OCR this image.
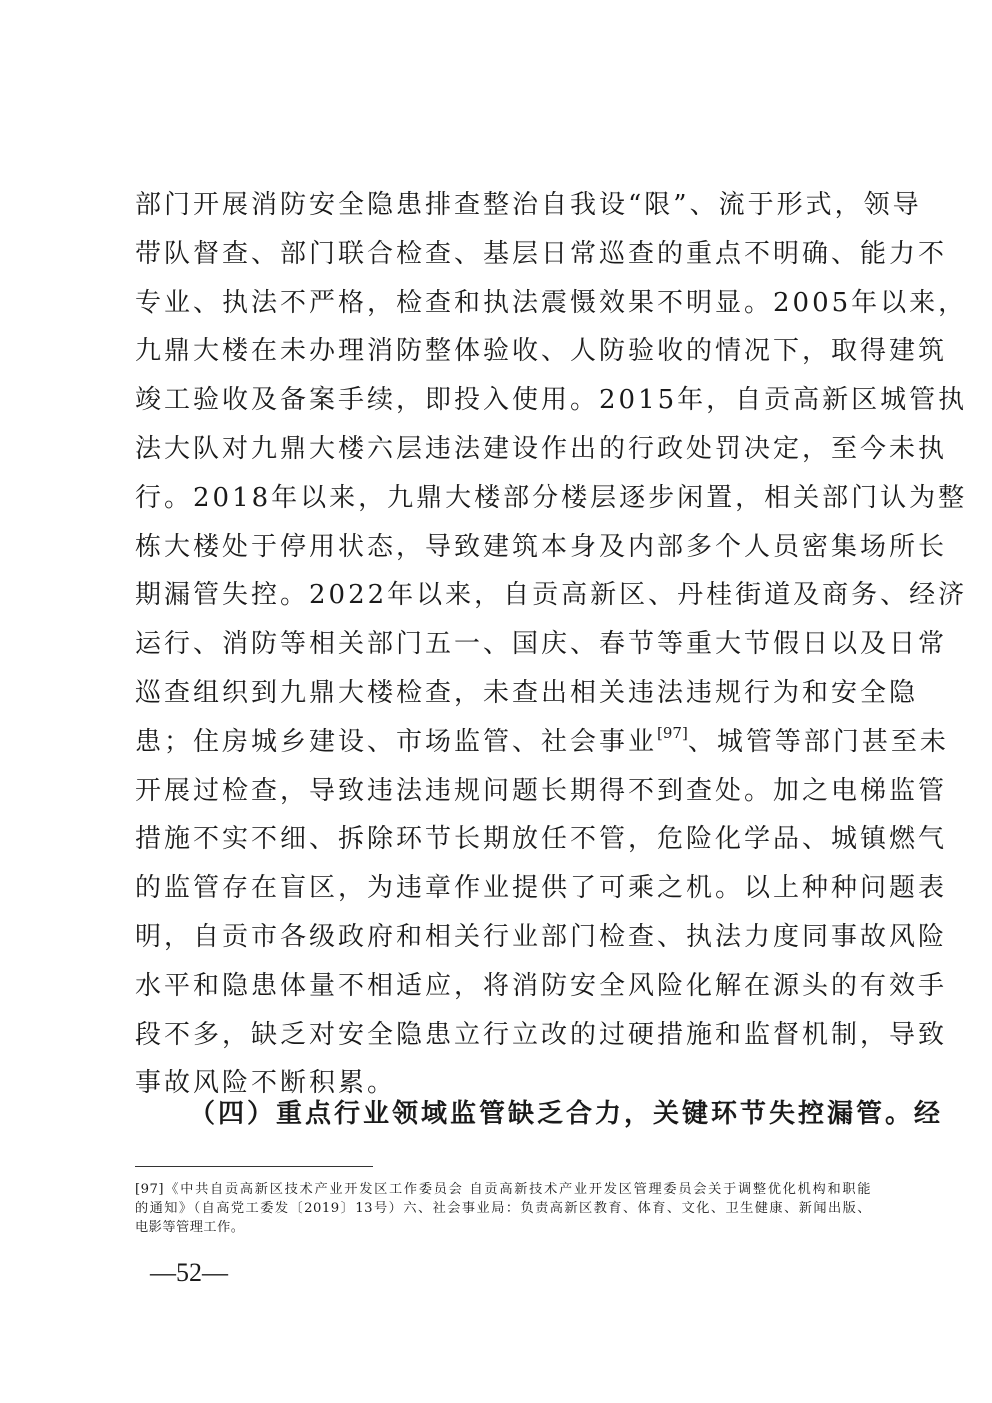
部门开展消防安全隐患排查整治自我设“限”、流于形式，领导
带队督查、部门联合检查、基层日常巡查的重点不明确、能力不
专业、执法不严格，检查和执法震慑效果不明显。2005年以来，
九鼎大楼在未办理消防整体验收、人防验收的情况下，取得建筑
竣工验收及备案手续，即投入使用。2015年，自贡高新区城管执
法大队对九鼎大楼六层违法建设作出的行政处罚决定，至今未执
行。2018年以来，九鼎大楼部分楼层逐步闲置，相关部门认为整
栋大楼处于停用状态，导致建筑本身及内部多个人员密集场所长
期漏管失控。2022年以来，自贡高新区、丹桂街道及商务、经济
运行、消防等相关部门五一、国庆、春节等重大节假日以及日常
巡查组织到九鼎大楼检查，未查出相关违法违规行为和安全隐
患；住房城乡建设、市场监管、社会事业[97]、城管等部门甚至未
开展过检查，导致违法违规问题长期得不到查处。加之电梯监管
措施不实不细、拆除环节长期放任不管，危险化学品、城镇燃气
的监管存在盲区，为违章作业提供了可乘之机。以上种种问题表
明，自贡市各级政府和相关行业部门检查、执法力度同事故风险
水平和隐患体量不相适应，将消防安全风险化解在源头的有效手
段不多，缺乏对安全隐患立行立改的过硬措施和监督机制，导致
事故风险不断积累。
（四）重点行业领域监管缺乏合力，关键环节失控漏管。经
[97]《中共自贡高新区技术产业开发区工作委员会 自贡高新技术产业开发区管理委员会关于调整优化机构和职能
的通知》（自高党工委发〔2019〕13号）六、社会事业局：负责高新区教育、体育、文化、卫生健康、新闻出版、
电影等管理工作。
—52—
